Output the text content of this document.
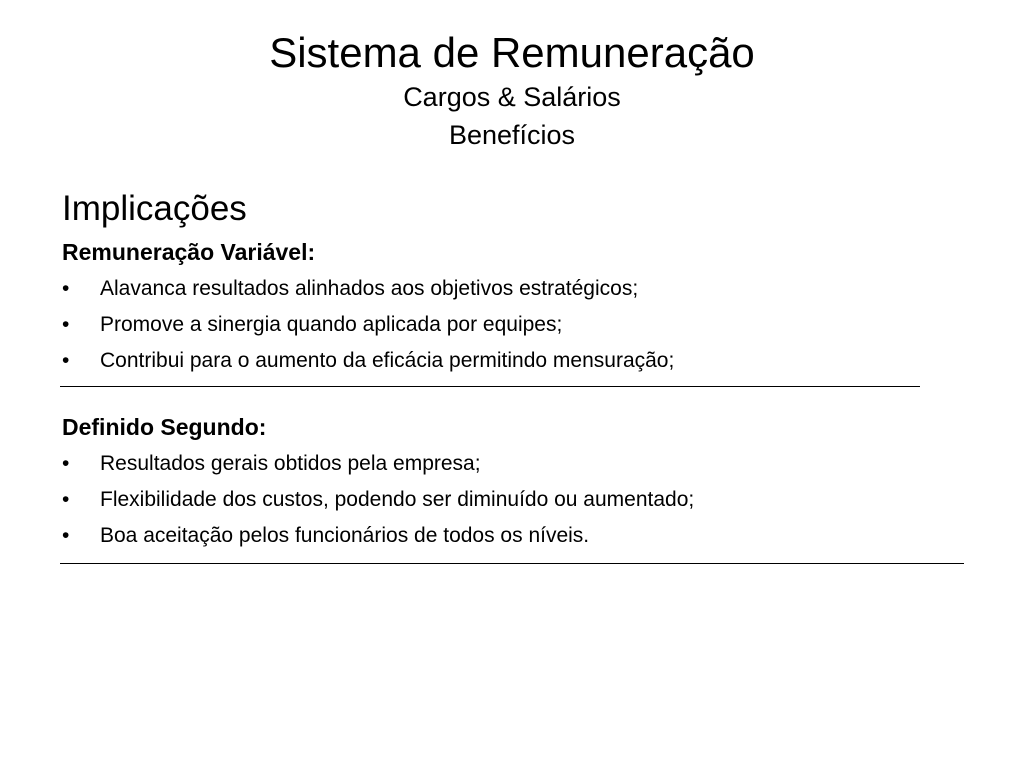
Sistema de Remuneração
Cargos & Salários
Benefícios
Implicações
Remuneração Variável:
•	Alavanca resultados alinhados aos objetivos estratégicos;
•	Promove a sinergia quando aplicada por equipes;
•	Contribui para o aumento da eficácia permitindo mensuração;
Definido Segundo:
•	Resultados gerais obtidos pela empresa;
•	Flexibilidade dos custos, podendo ser diminuído ou aumentado;
•	Boa aceitação pelos funcionários de todos os níveis.
